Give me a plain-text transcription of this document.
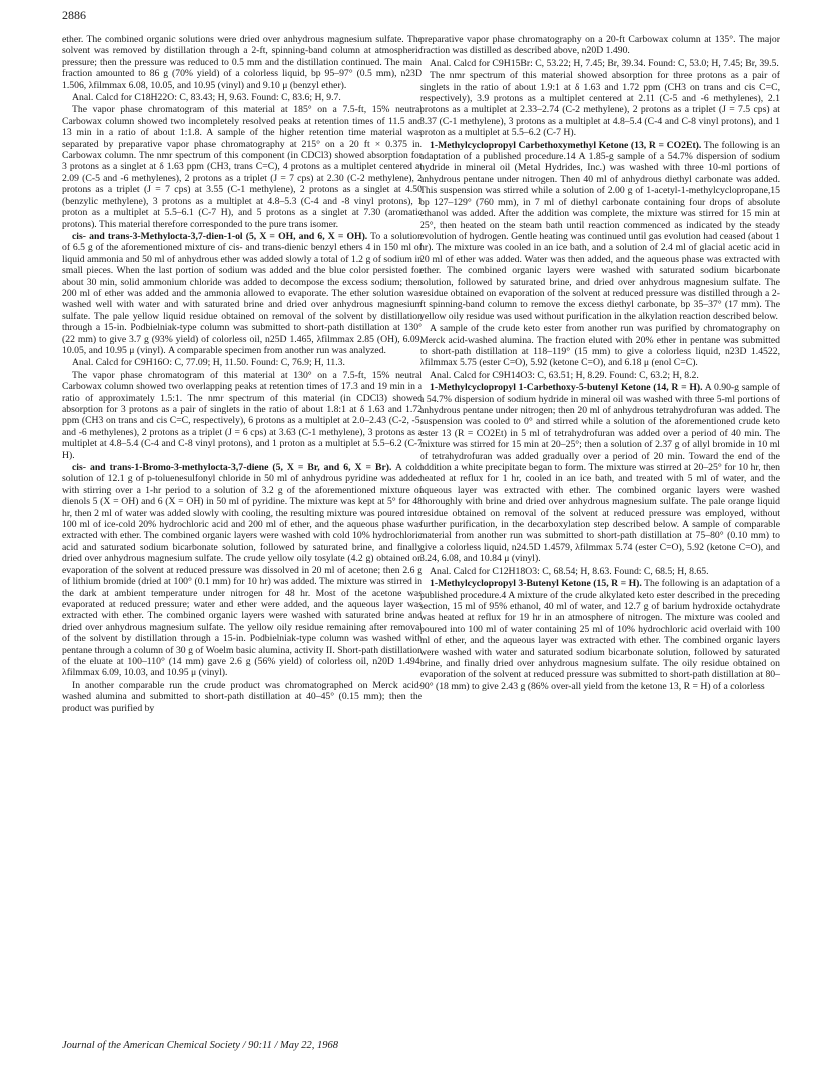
2886

ether. The combined organic solutions were dried over anhydrous magnesium sulfate. The solvent was removed by distillation through a 2-ft, spinning-band column at atmospheric pressure; then the pressure was reduced to 0.5 mm and the distillation continued. The main fraction amounted to 86 g (70% yield) of a colorless liquid, bp 95–97° (0.5 mm), n23D 1.506, λfilmmax 6.08, 10.05, and 10.95 (vinyl) and 9.10 μ (benzyl ether).

Anal. Calcd for C18H22O: C, 83.43; H, 9.63. Found: C, 83.6; H, 9.7.

The vapor phase chromatogram of this material at 185° on a 7.5-ft, 15% neutral Carbowax column showed two incompletely resolved peaks at retention times of 11.5 and 13 min in a ratio of about 1:1.8. A sample of the higher retention time material was separated by preparative vapor phase chromatography at 215° on a 20 ft × 0.375 in. Carbowax column. The nmr spectrum of this component (in CDCl3) showed absorption for 3 protons as a singlet at δ 1.63 ppm (CH3, trans C=C), 4 protons as a multiplet centered at 2.09 (C-5 and -6 methylenes), 2 protons as a triplet (J = 7 cps) at 2.30 (C-2 methylene), 2 protons as a triplet (J = 7 cps) at 3.55 (C-1 methylene), 2 protons as a singlet at 4.50 (benzylic methylene), 3 protons as a multiplet at 4.8–5.3 (C-4 and -8 vinyl protons), 1 proton as a multiplet at 5.5–6.1 (C-7 H), and 5 protons as a singlet at 7.30 (aromatic protons). This material therefore corresponded to the pure trans isomer.

cis- and trans-3-Methylocta-3,7-dien-1-ol (5, X = OH, and 6, X = OH). To a solution of 6.5 g of the aforementioned mixture of cis- and trans-dienic benzyl ethers 4 in 150 ml of liquid ammonia and 50 ml of anhydrous ether was added slowly a total of 1.2 g of sodium in small pieces. When the last portion of sodium was added and the blue color persisted for about 30 min, solid ammonium chloride was added to decompose the excess sodium; then 200 ml of ether was added and the ammonia allowed to evaporate. The ether solution was washed well with water and with saturated brine and dried over anhydrous magnesium sulfate. The pale yellow liquid residue obtained on removal of the solvent by distillation through a 15-in. Podbielniak-type column was submitted to short-path distillation at 130° (22 mm) to give 3.7 g (93% yield) of colorless oil, n25D 1.465, λfilmmax 2.85 (OH), 6.09, 10.05, and 10.95 μ (vinyl). A comparable specimen from another run was analyzed.

Anal. Calcd for C9H16O: C, 77.09; H, 11.50. Found: C, 76.9; H, 11.3.

The vapor phase chromatogram of this material at 130° on a 7.5-ft, 15% neutral Carbowax column showed two overlapping peaks at retention times of 17.3 and 19 min in a ratio of approximately 1.5:1. The nmr spectrum of this material (in CDCl3) showed absorption for 3 protons as a pair of singlets in the ratio of about 1.8:1 at δ 1.63 and 1.72 ppm (CH3 on trans and cis C=C, respectively), 6 protons as a multiplet at 2.0–2.43 (C-2, -5, and -6 methylenes), 2 protons as a triplet (J = 6 cps) at 3.63 (C-1 methylene), 3 protons as a multiplet at 4.8–5.4 (C-4 and C-8 vinyl protons), and 1 proton as a multiplet at 5.5–6.2 (C-7 H).

cis- and trans-1-Bromo-3-methylocta-3,7-diene (5, X = Br, and 6, X = Br). A cold solution of 12.1 g of p-toluenesulfonyl chloride in 50 ml of anhydrous pyridine was added with stirring over a 1-hr period to a solution of 3.2 g of the aforementioned mixture of dienols 5 (X = OH) and 6 (X = OH) in 50 ml of pyridine. The mixture was kept at 5° for 48 hr, then 2 ml of water was added slowly with cooling, the resulting mixture was poured into 100 ml of ice-cold 20% hydrochloric acid and 200 ml of ether, and the aqueous phase was extracted with ether. The combined organic layers were washed with cold 10% hydrochloric acid and saturated sodium bicarbonate solution, followed by saturated brine, and finally dried over anhydrous magnesium sulfate. The crude yellow oily tosylate (4.2 g) obtained on evaporation of the solvent at reduced pressure was dissolved in 20 ml of acetone; then 2.6 g of lithium bromide (dried at 100° (0.1 mm) for 10 hr) was added. The mixture was stirred in the dark at ambient temperature under nitrogen for 48 hr. Most of the acetone was evaporated at reduced pressure; water and ether were added, and the aqueous layer was extracted with ether. The combined organic layers were washed with saturated brine and dried over anhydrous magnesium sulfate. The yellow oily residue remaining after removal of the solvent by distillation through a 15-in. Podbielniak-type column was washed with pentane through a column of 30 g of Woelm basic alumina, activity II. Short-path distillation of the eluate at 100–110° (14 mm) gave 2.6 g (56% yield) of colorless oil, n20D 1.494, λfilmmax 6.09, 10.03, and 10.95 μ (vinyl).

In another comparable run the crude product was chromatographed on Merck acid-washed alumina and submitted to short-path distillation at 40–45° (0.15 mm); then the product was purified by

preparative vapor phase chromatography on a 20-ft Carbowax column at 135°. The major fraction was distilled as described above, n20D 1.490.

Anal. Calcd for C9H15Br: C, 53.22; H, 7.45; Br, 39.34. Found: C, 53.0; H, 7.45; Br, 39.5.

The nmr spectrum of this material showed absorption for three protons as a pair of singlets in the ratio of about 1.9:1 at δ 1.63 and 1.72 ppm (CH3 on trans and cis C=C, respectively), 3.9 protons as a multiplet centered at 2.11 (C-5 and -6 methylenes), 2.1 protons as a multiplet at 2.33–2.74 (C-2 methylene), 2 protons as a triplet (J = 7.5 cps) at 3.37 (C-1 methylene), 3 protons as a multiplet at 4.8–5.4 (C-4 and C-8 vinyl protons), and 1 proton as a multiplet at 5.5–6.2 (C-7 H).

1-Methylcyclopropyl Carbethoxymethyl Ketone (13, R = CO2Et). The following is an adaptation of a published procedure.14 A 1.85-g sample of a 54.7% dispersion of sodium hydride in mineral oil (Metal Hydrides, Inc.) was washed with three 10-ml portions of anhydrous pentane under nitrogen. Then 40 ml of anhydrous diethyl carbonate was added. This suspension was stirred while a solution of 2.00 g of 1-acetyl-1-methylcyclopropane,15 bp 127–129° (760 mm), in 7 ml of diethyl carbonate containing four drops of absolute ethanol was added. After the addition was complete, the mixture was stirred for 15 min at 25°, then heated on the steam bath until reaction commenced as indicated by the steady evolution of hydrogen. Gentle heating was continued until gas evolution had ceased (about 1 hr). The mixture was cooled in an ice bath, and a solution of 2.4 ml of glacial acetic acid in 20 ml of ether was added. Water was then added, and the aqueous phase was extracted with ether. The combined organic layers were washed with saturated sodium bicarbonate solution, followed by saturated brine, and dried over anhydrous magnesium sulfate. The residue obtained on evaporation of the solvent at reduced pressure was distilled through a 2-ft spinning-band column to remove the excess diethyl carbonate, bp 35–37° (17 mm). The yellow oily residue was used without purification in the alkylation reaction described below.

A sample of the crude keto ester from another run was purified by chromatography on Merck acid-washed alumina. The fraction eluted with 20% ether in pentane was submitted to short-path distillation at 118–119° (15 mm) to give a colorless liquid, n23D 1.4522, λfilmmax 5.75 (ester C=O), 5.92 (ketone C=O), and 6.18 μ (enol C=C).

Anal. Calcd for C9H14O3: C, 63.51; H, 8.29. Found: C, 63.2; H, 8.2.

1-Methylcyclopropyl 1-Carbethoxy-5-butenyl Ketone (14, R = H). A 0.90-g sample of a 54.7% dispersion of sodium hydride in mineral oil was washed with three 5-ml portions of anhydrous pentane under nitrogen; then 20 ml of anhydrous tetrahydrofuran was added. The suspension was cooled to 0° and stirred while a solution of the aforementioned crude keto ester 13 (R = CO2Et) in 5 ml of tetrahydrofuran was added over a period of 40 min. The mixture was stirred for 15 min at 20–25°; then a solution of 2.37 g of allyl bromide in 10 ml of tetrahydrofuran was added gradually over a period of 20 min. Toward the end of the addition a white precipitate began to form. The mixture was stirred at 20–25° for 10 hr, then heated at reflux for 1 hr, cooled in an ice bath, and treated with 5 ml of water, and the aqueous layer was extracted with ether. The combined organic layers were washed thoroughly with brine and dried over anhydrous magnesium sulfate. The pale orange liquid residue obtained on removal of the solvent at reduced pressure was employed, without further purification, in the decarboxylation step described below. A sample of comparable material from another run was submitted to short-path distillation at 75–80° (0.10 mm) to give a colorless liquid, n24.5D 1.4579, λfilmmax 5.74 (ester C=O), 5.92 (ketone C=O), and 3.24, 6.08, and 10.84 μ (vinyl).

Anal. Calcd for C12H18O3: C, 68.54; H, 8.63. Found: C, 68.5; H, 8.65.

1-Methylcyclopropyl 3-Butenyl Ketone (15, R = H). The following is an adaptation of a published procedure.4 A mixture of the crude alkylated keto ester described in the preceding section, 15 ml of 95% ethanol, 40 ml of water, and 12.7 g of barium hydroxide octahydrate was heated at reflux for 19 hr in an atmosphere of nitrogen. The mixture was cooled and poured into 100 ml of water containing 25 ml of 10% hydrochloric acid overlaid with 100 ml of ether, and the aqueous layer was extracted with ether. The combined organic layers were washed with water and saturated sodium bicarbonate solution, followed by saturated brine, and finally dried over anhydrous magnesium sulfate. The oily residue obtained on evaporation of the solvent at reduced pressure was submitted to short-path distillation at 80–90° (18 mm) to give 2.43 g (86% over-all yield from the ketone 13, R = H) of a colorless

Journal of the American Chemical Society / 90:11 / May 22, 1968
